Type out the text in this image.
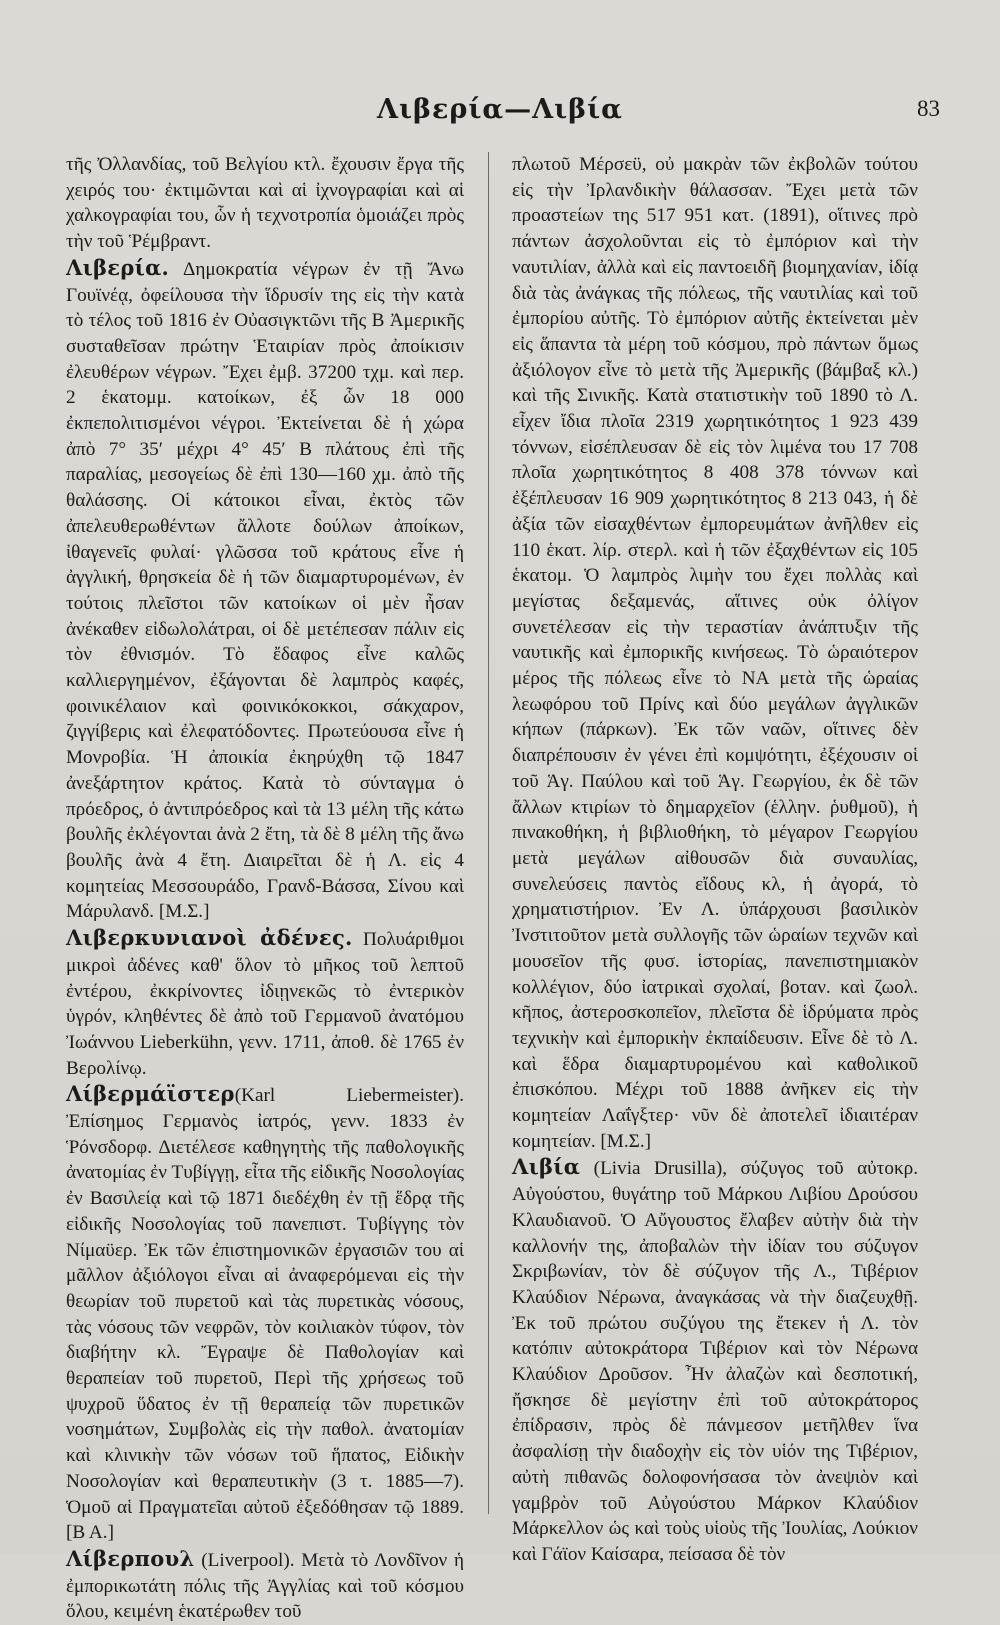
Λιβερία—Λιβία	83

τῆς Ὀλλανδίας, τοῦ Βελγίου κτλ. ἔχουσιν ἔργα τῆς χειρός του· ἐκτιμῶνται καὶ αἱ ἰχνογραφίαι καὶ αἱ χαλκογραφίαι του, ὧν ἡ τεχνοτροπία ὁμοιάζει πρὸς τὴν τοῦ Ῥέμβραντ.

Λιβερία. Δημοκρατία νέγρων ἐν τῇ Ἄνω Γουϊνέᾳ, ὀφείλουσα τὴν ἵδρυσίν της εἰς τὴν κατὰ τὸ τέλος τοῦ 1816 ἐν Οὐασιγκτῶνι τῆς Β Ἀμερικῆς συσταθεῖσαν πρώτην Ἑταιρίαν πρὸς ἀποίκισιν ἐλευθέρων νέγρων. Ἔχει ἐμβ. 37200 τχμ. καὶ περ. 2 ἑκατομμ. κατοίκων, ἐξ ὧν 18 000 ἐκπεπολιτισμένοι νέγροι. Ἐκτείνεται δὲ ἡ χώρα ἀπὸ 7° 35′ μέχρι 4° 45′ Β πλάτους ἐπὶ τῆς παραλίας, μεσογείως δὲ ἐπὶ 130—160 χμ. ἀπὸ τῆς θαλάσσης. Οἱ κάτοικοι εἶναι, ἐκτὸς τῶν ἀπελευθερωθέντων ἄλλοτε δούλων ἀποίκων, ἰθαγενεῖς φυλαί· γλῶσσα τοῦ κράτους εἶνε ἡ ἀγγλική, θρησκεία δὲ ἡ τῶν διαμαρτυρομένων, ἐν τούτοις πλεῖστοι τῶν κατοίκων οἱ μὲν ἦσαν ἀνέκαθεν εἰδωλολάτραι, οἱ δὲ μετέπεσαν πάλιν εἰς τὸν ἐθνισμόν. Τὸ ἔδαφος εἶνε καλῶς καλλιεργημένον, ἐξάγονται δὲ λαμπρὸς καφές, φοινικέλαιον καὶ φοινικόκοκκοι, σάκχαρον, ζιγγίβερις καὶ ἐλεφατόδοντες. Πρωτεύουσα εἶνε ἡ Μονροβία. Ἡ ἀποικία ἐκηρύχθη τῷ 1847 ἀνεξάρτητον κράτος. Κατὰ τὸ σύνταγμα ὁ πρόεδρος, ὁ ἀντιπρόεδρος καὶ τὰ 13 μέλη τῆς κάτω βουλῆς ἐκλέγονται ἀνὰ 2 ἔτη, τὰ δὲ 8 μέλη τῆς ἄνω βουλῆς ἀνὰ 4 ἔτη. Διαιρεῖται δὲ ἡ Λ. εἰς 4 κομητείας Μεσσουράδο, Γρανδ-Βάσσα, Σίνου καὶ Μάρυλανδ. [Μ.Σ.]

Λιβερκυνιανοὶ ἀδένες. Πολυάριθμοι μικροὶ ἀδένες καθ' ὅλον τὸ μῆκος τοῦ λεπτοῦ ἐντέρου, ἐκκρίνοντες ἰδιῃνεκῶς τὸ ἐντερικὸν ὑγρόν, κληθέντες δὲ ἀπὸ τοῦ Γερμανοῦ ἀνατόμου Ἰωάννου Lieberkühn, γενν. 1711, ἀποθ. δὲ 1765 ἐν Βερολίνῳ.

Λίβερμάϊστερ(Karl Liebermeister). Ἐπίσημος Γερμανὸς ἰατρός, γενν. 1833 ἐν Ῥόνσδορφ. Διετέλεσε καθηγητὴς τῆς παθολογικῆς ἀνατομίας ἐν Τυβίγγῃ, εἶτα τῆς εἰδικῆς Νοσολογίας ἐν Βασιλείᾳ καὶ τῷ 1871 διεδέχθη ἐν τῇ ἕδρᾳ τῆς εἰδικῆς Νοσολογίας τοῦ πανεπιστ. Τυβίγγης τὸν Νίμαϋερ. Ἐκ τῶν ἐπιστημονικῶν ἐργασιῶν του αἱ μᾶλλον ἀξιόλογοι εἶναι αἱ ἀναφερόμεναι εἰς τὴν θεωρίαν τοῦ πυρετοῦ καὶ τὰς πυρετικὰς νόσους, τὰς νόσους τῶν νεφρῶν, τὸν κοιλιακὸν τύφον, τὸν διαβήτην κλ. Ἔγραψε δὲ Παθολογίαν καὶ θεραπείαν τοῦ πυρετοῦ, Περὶ τῆς χρήσεως τοῦ ψυχροῦ ὕδατος ἐν τῇ θεραπείᾳ τῶν πυρετικῶν νοσημάτων, Συμβολὰς εἰς τὴν παθολ. ἀνατομίαν καὶ κλινικὴν τῶν νόσων τοῦ ἥπατος, Εἰδικὴν Νοσολογίαν καὶ θεραπευτικὴν (3 τ. 1885—7). Ὁμοῦ αἱ Πραγματεῖαι αὐτοῦ ἐξεδόθησαν τῷ 1889. [Β Α.]

Λίβερπουλ (Liverpool). Μετὰ τὸ Λονδῖνον ἡ ἐμπορικωτάτη πόλις τῆς Ἀγγλίας καὶ τοῦ κόσμου ὅλου, κειμένη ἑκατέρωθεν τοῦ

πλωτοῦ Μέρσεϋ, οὐ μακρὰν τῶν ἐκβολῶν τούτου εἰς τὴν Ἰρλανδικὴν θάλασσαν. Ἔχει μετὰ τῶν προαστείων της 517 951 κατ. (1891), οἵτινες πρὸ πάντων ἀσχολοῦνται εἰς τὸ ἐμπόριον καὶ τὴν ναυτιλίαν, ἀλλὰ καὶ εἰς παντοειδῆ βιομηχανίαν, ἰδίᾳ διὰ τὰς ἀνάγκας τῆς πόλεως, τῆς ναυτιλίας καὶ τοῦ ἐμπορίου αὐτῆς. Τὸ ἐμπόριον αὐτῆς ἐκτείνεται μὲν εἰς ἅπαντα τὰ μέρη τοῦ κόσμου, πρὸ πάντων ὅμως ἀξιόλογον εἶνε τὸ μετὰ τῆς Ἀμερικῆς (βάμβαξ κλ.) καὶ τῆς Σινικῆς. Κατὰ στατιστικὴν τοῦ 1890 τὸ Λ. εἶχεν ἴδια πλοῖα 2319 χωρητικότητος 1 923 439 τόννων, εἰσέπλευσαν δὲ εἰς τὸν λιμένα του 17 708 πλοῖα χωρητικότητος 8 408 378 τόννων καὶ ἐξέπλευσαν 16 909 χωρητικότητος 8 213 043, ἡ δὲ ἀξία τῶν εἰσαχθέντων ἐμπορευμάτων ἀνῆλθεν εἰς 110 ἑκατ. λίρ. στερλ. καὶ ἡ τῶν ἐξαχθέντων εἰς 105 ἑκατομ. Ὁ λαμπρὸς λιμὴν του ἔχει πολλὰς καὶ μεγίστας δεξαμενάς, αἵτινες οὐκ ὀλίγον συνετέλεσαν εἰς τὴν τεραστίαν ἀνάπτυξιν τῆς ναυτικῆς καὶ ἐμπορικῆς κινήσεως. Τὸ ὡραιότερον μέρος τῆς πόλεως εἶνε τὸ ΝΑ μετὰ τῆς ὡραίας λεωφόρου τοῦ Πρίνς καὶ δύο μεγάλων ἀγγλικῶν κήπων (πάρκων). Ἐκ τῶν ναῶν, οἵτινες δὲν διαπρέπουσιν ἐν γένει ἐπὶ κομψότητι, ἐξέχουσιν οἱ τοῦ Ἁγ. Παύλου καὶ τοῦ Ἁγ. Γεωργίου, ἐκ δὲ τῶν ἄλλων κτιρίων τὸ δημαρχεῖον (ἑλλην. ῥυθμοῦ), ἡ πινακοθήκη, ἡ βιβλιοθήκη, τὸ μέγαρον Γεωργίου μετὰ μεγάλων αἰθουσῶν διὰ συναυλίας, συνελεύσεις παντὸς εἴδους κλ, ἡ ἀγορά, τὸ χρηματιστήριον. Ἐν Λ. ὑπάρχουσι βασιλικὸν Ἰνστιτοῦτον μετὰ συλλογῆς τῶν ὡραίων τεχνῶν καὶ μουσεῖον τῆς φυσ. ἱστορίας, πανεπιστημιακὸν κολλέγιον, δύο ἰατρικαὶ σχολαί, βοταν. καὶ ζωολ. κῆπος, ἀστεροσκοπεῖον, πλεῖστα δὲ ἱδρύματα πρὸς τεχνικὴν καὶ ἐμπορικὴν ἐκπαίδευσιν. Εἶνε δὲ τὸ Λ. καὶ ἕδρα διαμαρτυρομένου καὶ καθολικοῦ ἐπισκόπου. Μέχρι τοῦ 1888 ἀνῆκεν εἰς τὴν κομητείαν Λαΐγξτερ· νῦν δὲ ἀποτελεῖ ἰδιαιτέραν κομητείαν. [Μ.Σ.]

Λιβία (Livia Drusilla), σύζυγος τοῦ αὐτοκρ. Αὐγούστου, θυγάτηρ τοῦ Μάρκου Λιβίου Δρούσου Κλαυδιανοῦ. Ὁ Αὔγουστος ἔλαβεν αὐτὴν διὰ τὴν καλλονήν της, ἀποβαλὼν τὴν ἰδίαν του σύζυγον Σκριβωνίαν, τὸν δὲ σύζυγον τῆς Λ., Τιβέριον Κλαύδιον Νέρωνα, ἀναγκάσας νὰ τὴν διαζευχθῇ. Ἐκ τοῦ πρώτου συζύγου της ἔτεκεν ἡ Λ. τὸν κατόπιν αὐτοκράτορα Τιβέριον καὶ τὸν Νέρωνα Κλαύδιον Δροῦσον. Ἦν ἀλαζὼν καὶ δεσποτική, ἤσκησε δὲ μεγίστην ἐπὶ τοῦ αὐτοκράτορος ἐπίδρασιν, πρὸς δὲ πάνμεσον μετῆλθεν ἵνα ἀσφαλίσῃ τὴν διαδοχὴν εἰς τὸν υἱόν της Τιβέριον, αὐτὴ πιθανῶς δολοφονήσασα τὸν ἀνεψιὸν καὶ γαμβρὸν τοῦ Αὐγούστου Μάρκον Κλαύδιον Μάρκελλον ὡς καὶ τοὺς υἱοὺς τῆς Ἰουλίας, Λούκιον καὶ Γάϊον Καίσαρα, πείσασα δὲ τὸν
